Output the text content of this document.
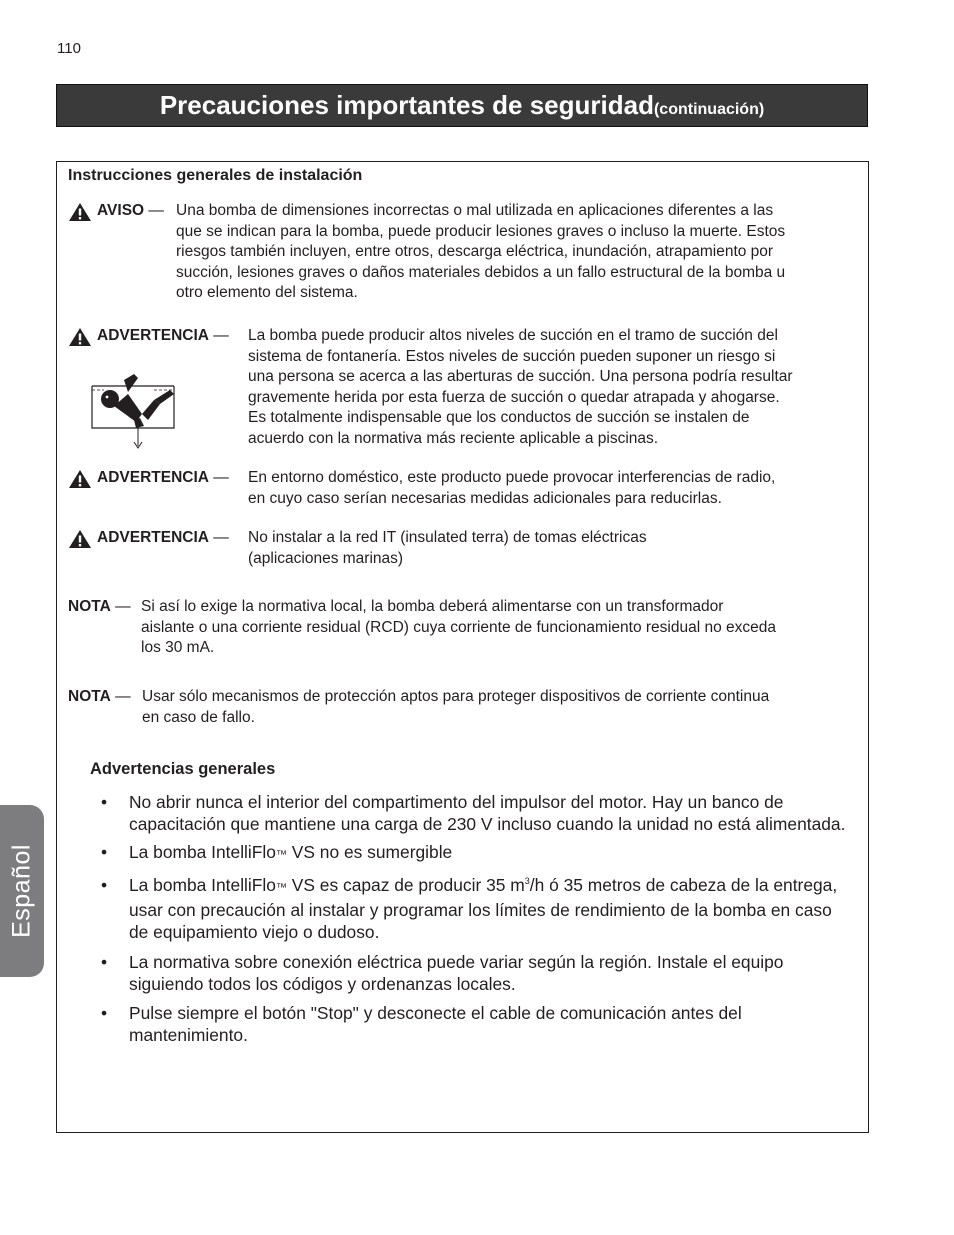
110
Precauciones importantes de seguridad(continuación)
Instrucciones generales de instalación
AVISO — Una bomba de dimensiones incorrectas o mal utilizada en aplicaciones diferentes a las
que se indican para la bomba, puede producir lesiones graves o incluso la muerte. Estos
riesgos también incluyen, entre otros, descarga eléctrica, inundación, atrapamiento por
succión, lesiones graves o daños materiales debidos a un fallo estructural de la bomba u
otro elemento del sistema.
ADVERTENCIA — La bomba puede producir altos niveles de succión en el tramo de succión del
sistema de fontanería. Estos niveles de succión pueden suponer un riesgo si
una persona se acerca a las aberturas de succión. Una persona podría resultar
gravemente herida por esta fuerza de succión o quedar atrapada y ahogarse.
Es totalmente indispensable que los conductos de succión se instalen de
acuerdo con la normativa más reciente aplicable a piscinas.
ADVERTENCIA — En entorno doméstico, este producto puede provocar interferencias de radio,
en cuyo caso serían necesarias medidas adicionales para reducirlas.
ADVERTENCIA — No instalar a la red IT (insulated terra) de tomas eléctricas
(aplicaciones marinas)
NOTA — Si así lo exige la normativa local, la bomba deberá alimentarse con un transformador
aislante o una corriente residual (RCD) cuya corriente de funcionamiento residual no exceda
los 30 mA.
NOTA — Usar sólo mecanismos de protección aptos para proteger dispositivos de corriente continua
en caso de fallo.
Advertencias generales
• No abrir nunca el interior del compartimento del impulsor del motor. Hay un banco de capacitación que mantiene una carga de 230 V incluso cuando la unidad no está alimentada.
• La bomba IntelliFlo™ VS no es sumergible
• La bomba IntelliFlo™ VS es capaz de producir 35 $m^3/h$ ó 35 metros de cabeza de la entrega, usar con precaución al instalar y programar los límites de rendimiento de la bomba en caso de equipamiento viejo o dudoso.
• La normativa sobre conexión eléctrica puede variar según la región. Instale el equipo siguiendo todos los códigos y ordenanzas locales.
• Pulse siempre el botón "Stop" y desconecte el cable de comunicación antes del mantenimiento.
Español
